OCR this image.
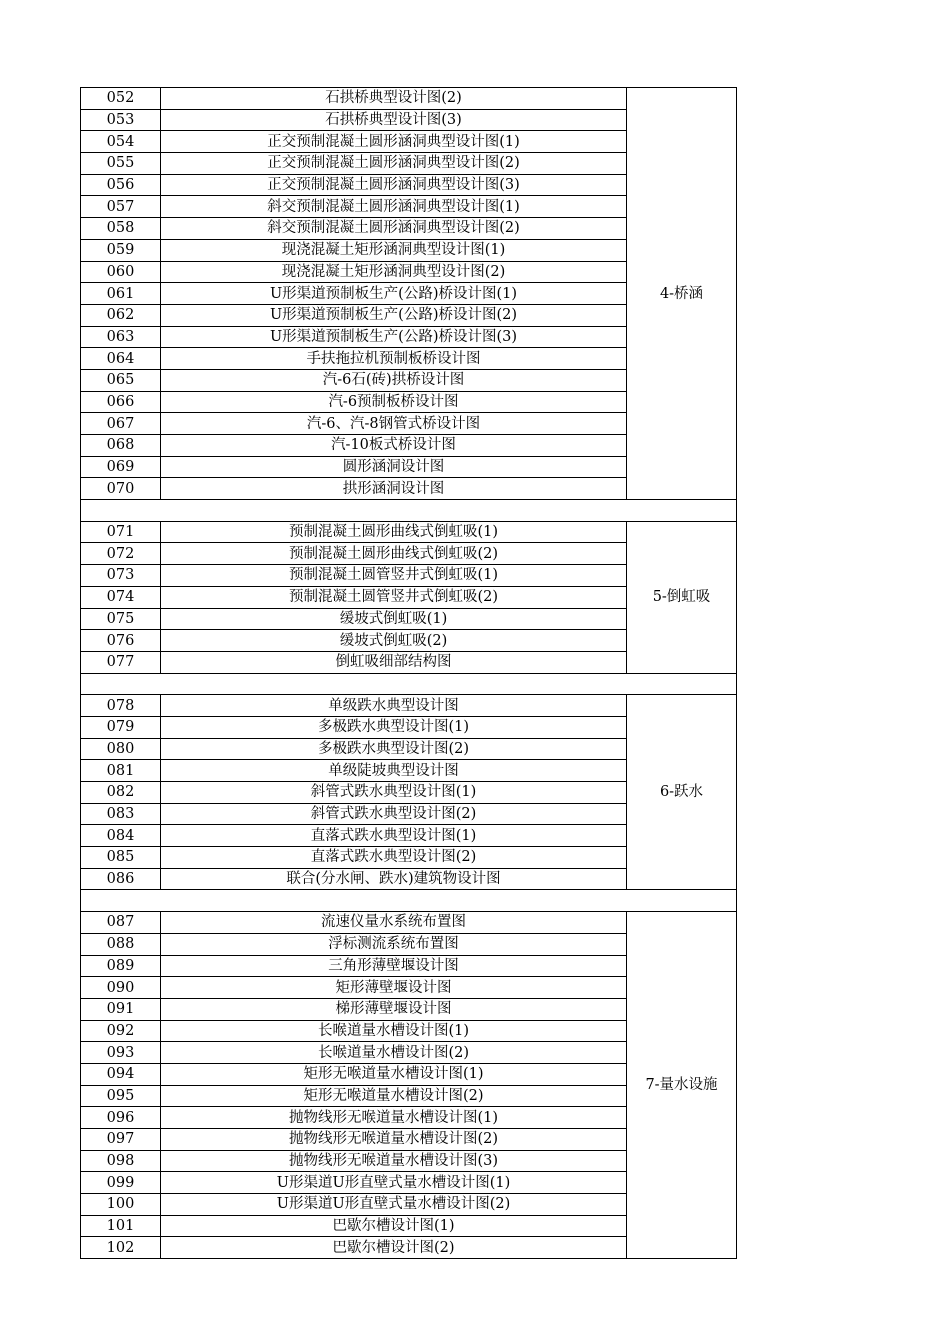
052	石拱桥典型设计图(2)	4-桥涵
053	石拱桥典型设计图(3)	
054	正交预制混凝土圆形涵洞典型设计图(1)	
055	正交预制混凝土圆形涵洞典型设计图(2)	
056	正交预制混凝土圆形涵洞典型设计图(3)	
057	斜交预制混凝土圆形涵洞典型设计图(1)	
058	斜交预制混凝土圆形涵洞典型设计图(2)	
059	现浇混凝土矩形涵洞典型设计图(1)	
060	现浇混凝土矩形涵洞典型设计图(2)	
061	U形渠道预制板生产(公路)桥设计图(1)	
062	U形渠道预制板生产(公路)桥设计图(2)	
063	U形渠道预制板生产(公路)桥设计图(3)	
064	手扶拖拉机预制板桥设计图	
065	汽-6石(砖)拱桥设计图	
066	汽-6预制板桥设计图	
067	汽-6、汽-8钢管式桥设计图	
068	汽-10板式桥设计图	
069	圆形涵洞设计图	
070	拱形涵洞设计图	

071	预制混凝土圆形曲线式倒虹吸(1)	5-倒虹吸
072	预制混凝土圆形曲线式倒虹吸(2)	
073	预制混凝土圆管竖井式倒虹吸(1)	
074	预制混凝土圆管竖井式倒虹吸(2)	
075	缓坡式倒虹吸(1)	
076	缓坡式倒虹吸(2)	
077	倒虹吸细部结构图	

078	单级跌水典型设计图	6-跃水
079	多极跌水典型设计图(1)	
080	多极跌水典型设计图(2)	
081	单级陡坡典型设计图	
082	斜管式跌水典型设计图(1)	
083	斜管式跌水典型设计图(2)	
084	直落式跌水典型设计图(1)	
085	直落式跌水典型设计图(2)	
086	联合(分水闸、跌水)建筑物设计图	

087	流速仪量水系统布置图	7-量水设施
088	浮标测流系统布置图	
089	三角形薄壁堰设计图	
090	矩形薄壁堰设计图	
091	梯形薄壁堰设计图	
092	长喉道量水槽设计图(1)	
093	长喉道量水槽设计图(2)	
094	矩形无喉道量水槽设计图(1)	
095	矩形无喉道量水槽设计图(2)	
096	抛物线形无喉道量水槽设计图(1)	
097	抛物线形无喉道量水槽设计图(2)	
098	抛物线形无喉道量水槽设计图(3)	
099	U形渠道U形直壁式量水槽设计图(1)	
100	U形渠道U形直壁式量水槽设计图(2)	
101	巴歇尔槽设计图(1)	
102	巴歇尔槽设计图(2)	
